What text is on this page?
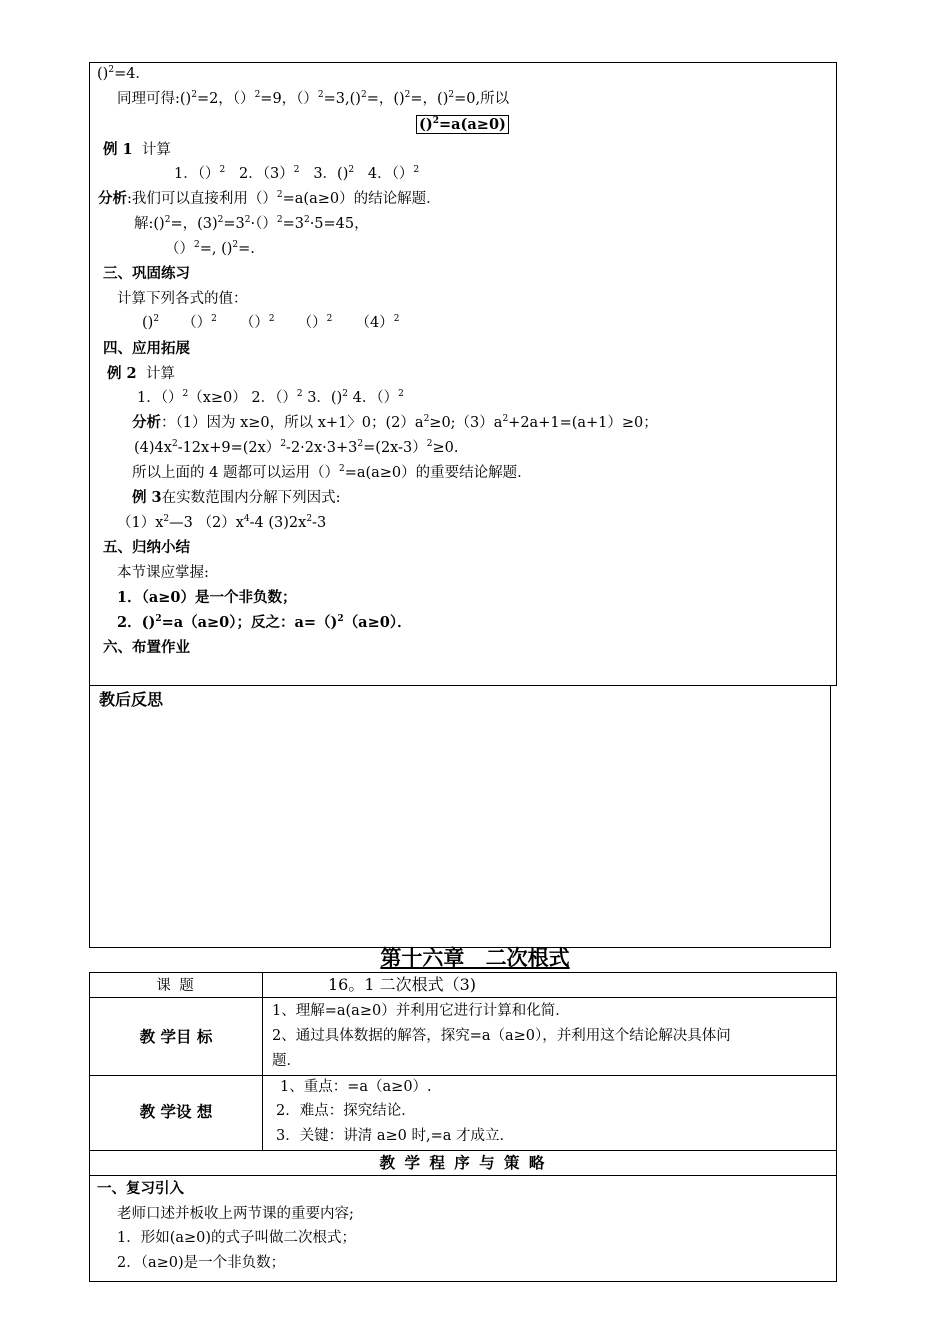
()$^2$=4．
同理可得:()$^2$=2，（）$^2$=9，（）$^2$=3,()$^2$=，()$^2$=，()$^2$=0,所以
()$^2$=a(a≥0)
例 1 计算
1．（）$^2$ 2．$(3)^2$ 3．()$^2$ 4．（）$^2$
分析:我们可以直接利用（）$^2$=a(a≥0）的结论解题．
解:()$^2$=，$(3)^2=3^2\cdot()^2=3^2\cdot 5=45$，
（）$^2$=, ()$^2$=.
三、巩固练习
计算下列各式的值：
()$^2$ （）$^2$ （）$^2$ （）$^2$ $(4)^2$
四、应用拓展
例 2 计算
1．（）$^2$（x≥0） 2．（）$^2$ 3．()$^2$ 4．（）$^2$
分析：（1）因为 x≥0，所以 x+1〉0；$(2)a^2\ge 0;(3)a^2+2a+1=(a+1)\ge 0$；
$(4)4x^2-12x+9=(2x)^2-2\cdot 2x\cdot 3+3^2=(2x-3)^2\ge 0$.
所以上面的 4 题都可以运用（）$^2$=a(a≥0）的重要结论解题．
例 3在实数范围内分解下列因式:
$(1)x^2—3$ $(2)x^4-4$ $(3)2x^2-3$
五、归纳小结
本节课应掌握:
1．（a≥0）是一个非负数；
2．()$^2$=a（a≥0）；反之：a=（)$^2$（a≥0）．
六、布置作业
教后反思
第十六章 二次根式
课 题	16。1 二次根式（3)
教 学目 标
1、理解=a(a≥0）并利用它进行计算和化简．
2、通过具体数据的解答，探究=a（a≥0），并利用这个结论解决具体问
题．
教 学设 想
1、重点：=a（a≥0）.
2．难点：探究结论．
3．关键：讲清 a≥0 时,=a 才成立．
教 学 程 序 与 策 略
一、复习引入
老师口述并板收上两节课的重要内容;
1．形如(a≥0)的式子叫做二次根式；
2．（a≥0)是一个非负数；
